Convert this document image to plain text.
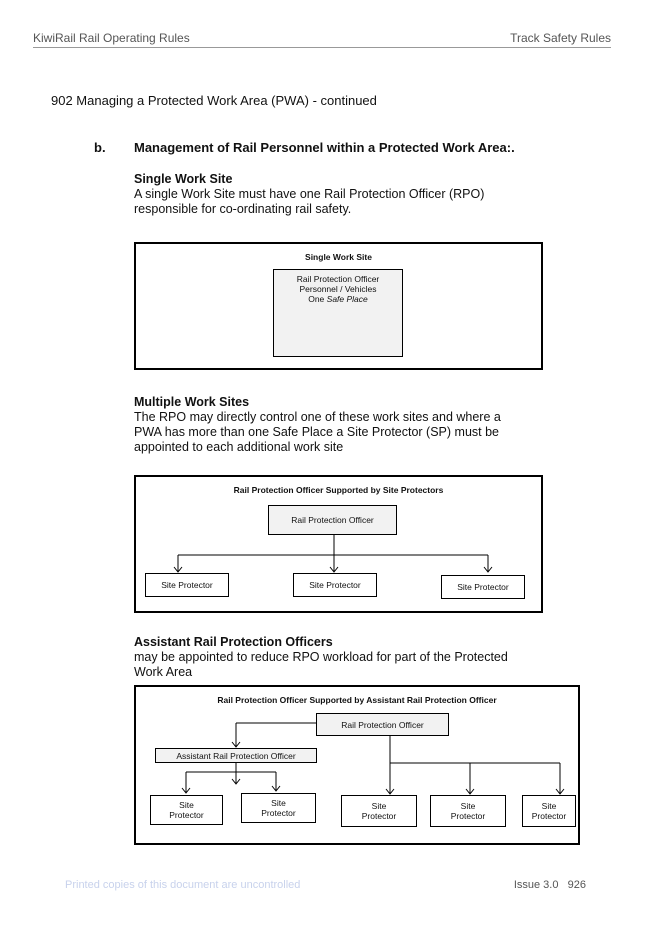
KiwiRail Rail Operating Rules	Track Safety Rules
902 Managing a Protected Work Area (PWA) - continued
b. Management of Rail Personnel within a Protected Work Area:.
Single Work Site
A single Work Site must have one Rail Protection Officer (RPO)
responsible for co-ordinating rail safety.
Single Work Site
Rail Protection Officer
Personnel / Vehicles
One Safe Place
Multiple Work Sites
The RPO may directly control one of these work sites and where a
PWA has more than one Safe Place a Site Protector (SP) must be
appointed to each additional work site
Rail Protection Officer Supported by Site Protectors
Rail Protection Officer
Site Protector	Site Protector	Site Protector
Assistant Rail Protection Officers
may be appointed to reduce RPO workload for part of the Protected
Work Area
Rail Protection Officer Supported by Assistant Rail Protection Officer
Rail Protection Officer
Assistant Rail Protection Officer
Site
Protector
Site
Protector
Site
Protector
Site
Protector
Site
Protector
Printed copies of this document are uncontrolled	Issue 3.0   926
